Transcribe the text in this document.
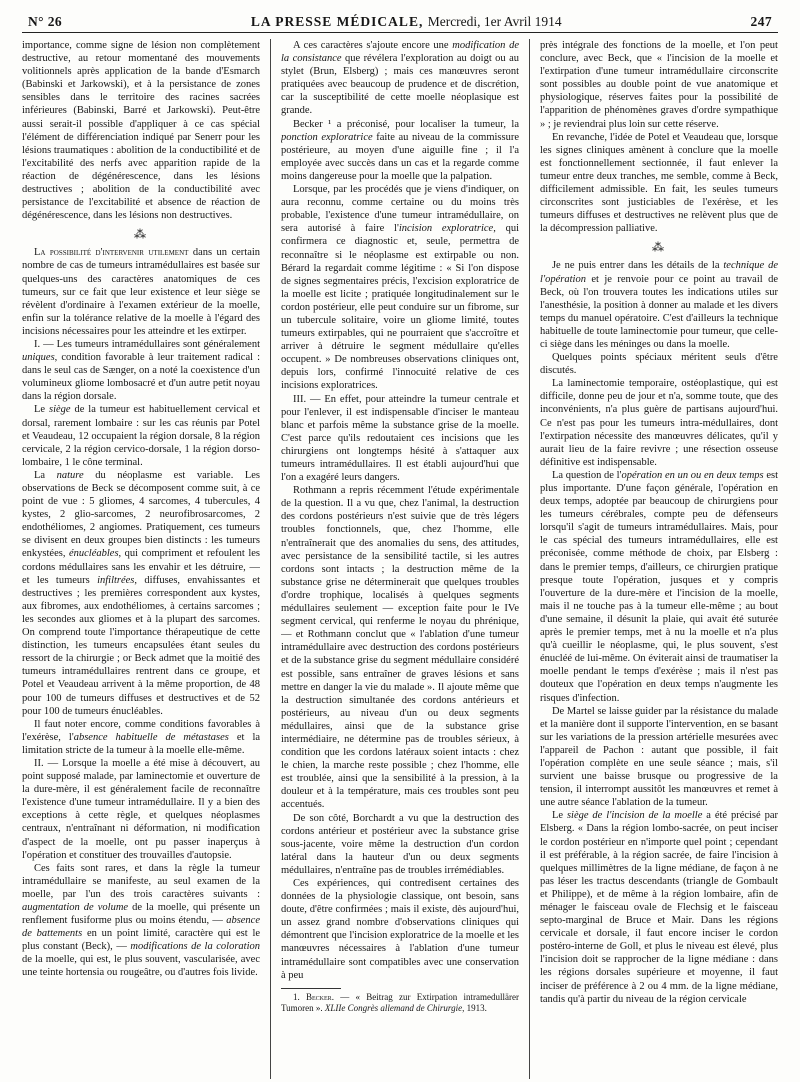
N° 26	LA PRESSE MÉDICALE, Mercredi, 1er Avril 1914	247

importance, comme signe de lésion non complètement destructive, au retour momentané des mouvements volitionnels après application de la bande d'Esmarch (Babinski et Jarkowski), et à la persistance de zones sensibles dans le territoire des racines sacrées inférieures (Babinski, Barré et Jarkowski). Peut-être aussi serait-il possible d'appliquer à ce cas spécial l'élément de différenciation indiqué par Senerr pour les lésions traumatiques : abolition de la conductibilité et de l'excitabilité des nerfs avec apparition rapide de la réaction de dégénérescence, dans les lésions destructives ; abolition de la conductibilité avec persistance de l'excitabilité et absence de réaction de dégénérescence, dans les lésions non destructives.

⁂

La possibilité d'intervenir utilement dans un certain nombre de cas de tumeurs intramédullaires est basée sur quelques-uns des caractères anatomiques de ces tumeurs, sur ce fait que leur existence et leur siège se révèlent d'ordinaire à l'examen extérieur de la moelle, enfin sur la tolérance relative de la moelle à l'égard des incisions nécessaires pour les atteindre et les extirper.

I. — Les tumeurs intramédullaires sont généralement uniques, condition favorable à leur traitement radical : dans le seul cas de Sænger, on a noté la coexistence d'un volumineux gliome lombosacré et d'un autre petit noyau dans la région dorsale.

Le siège de la tumeur est habituellement cervical et dorsal, rarement lombaire : sur les cas réunis par Potel et Veaudeau, 12 occupaient la région dorsale, 8 la région cervicale, 2 la région cervico-dorsale, 1 la région dorso-lombaire, 1 le cône terminal.

La nature du néoplasme est variable. Les observations de Beck se décomposent comme suit, à ce point de vue : 5 gliomes, 4 sarcomes, 4 tubercules, 4 kystes, 2 glio-sarcomes, 2 neurofibrosarcomes, 2 endothéliomes, 2 angiomes. Pratiquement, ces tumeurs se divisent en deux groupes bien distincts : les tumeurs enkystées, énucléables, qui compriment et refoulent les cordons médullaires sans les envahir et les détruire, — et les tumeurs infiltrées, diffuses, envahissantes et destructives ; les premières correspondent aux kystes, aux fibromes, aux endothéliomes, à certains sarcomes ; les secondes aux gliomes et à la plupart des sarcomes. On comprend toute l'importance thérapeutique de cette distinction, les tumeurs encapsulées étant seules du ressort de la chirurgie ; or Beck admet que la moitié des tumeurs intramédullaires rentrent dans ce groupe, et Potel et Veaudeau arrivent à la même proportion, de 48 pour 100 de tumeurs diffuses et destructives et de 52 pour 100 de tumeurs énucléables.

Il faut noter encore, comme conditions favorables à l'exérèse, l'absence habituelle de métastases et la limitation stricte de la tumeur à la moelle elle-même.

II. — Lorsque la moelle a été mise à découvert, au point supposé malade, par laminectomie et ouverture de la dure-mère, il est généralement facile de reconnaître l'existence d'une tumeur intramédullaire. Il y a bien des exceptions à cette règle, et quelques néoplasmes centraux, n'entraînant ni déformation, ni modification d'aspect de la moelle, ont pu passer inaperçus à l'opération et constituer des trouvailles d'autopsie.

Ces faits sont rares, et dans la règle la tumeur intramédullaire se manifeste, au seul examen de la moelle, par l'un des trois caractères suivants : augmentation de volume de la moelle, qui présente un renflement fusiforme plus ou moins étendu, — absence de battements en un point limité, caractère qui est le plus constant (Beck), — modifications de la coloration de la moelle, qui est, le plus souvent, vascularisée, avec une teinte hortensia ou rougeâtre, ou d'autres fois livide.

A ces caractères s'ajoute encore une modification de la consistance que révélera l'exploration au doigt ou au stylet (Brun, Elsberg) ; mais ces manœuvres seront pratiquées avec beaucoup de prudence et de discrétion, car la susceptibilité de cette moelle néoplasique est grande.

Becker ¹ a préconisé, pour localiser la tumeur, la ponction exploratrice faite au niveau de la commissure postérieure, au moyen d'une aiguille fine ; il l'a employée avec succès dans un cas et la regarde comme moins dangereuse pour la moelle que la palpation.

Lorsque, par les procédés que je viens d'indiquer, on aura reconnu, comme certaine ou du moins très probable, l'existence d'une tumeur intramédullaire, on sera autorisé à faire l'incision exploratrice, qui confirmera ce diagnostic et, seule, permettra de reconnaître si le néoplasme est extirpable ou non. Bérard la regardait comme légitime : « Si l'on dispose de signes segmentaires précis, l'excision exploratrice de la moelle est licite ; pratiquée longitudinalement sur le cordon postérieur, elle peut conduire sur un fibrome, sur un tubercule solitaire, voire un gliome limité, toutes tumeurs extirpables, qui ne pourraient que s'accroître et arriver à détruire le segment médullaire qu'elles occupent. » De nombreuses observations cliniques ont, depuis lors, confirmé l'innocuité relative de ces incisions exploratrices.

III. — En effet, pour atteindre la tumeur centrale et pour l'enlever, il est indispensable d'inciser le manteau blanc et parfois même la substance grise de la moelle. C'est parce qu'ils redoutaient ces incisions que les chirurgiens ont longtemps hésité à s'attaquer aux tumeurs intramédullaires. Il est établi aujourd'hui que l'on a exagéré leurs dangers.

Rothmann a repris récemment l'étude expérimentale de la question. Il a vu que, chez l'animal, la destruction des cordons postérieurs n'est suivie que de très légers troubles fonctionnels, que, chez l'homme, elle n'entraînerait que des anomalies du sens, des attitudes, avec persistance de la sensibilité tactile, si les autres cordons sont intacts ; la destruction même de la substance grise ne déterminerait que quelques troubles d'ordre trophique, localisés à quelques segments médullaires seulement — exception faite pour le IVe segment cervical, qui renferme le noyau du phrénique, — et Rothmann conclut que « l'ablation d'une tumeur intramédullaire avec destruction des cordons postérieurs et de la substance grise du segment médullaire considéré est possible, sans entraîner de graves lésions et sans mettre en danger la vie du malade ». Il ajoute même que la destruction simultanée des cordons antérieurs et postérieurs, au niveau d'un ou deux segments médullaires, ainsi que de la substance grise intermédiaire, ne détermine pas de troubles sérieux, à condition que les cordons latéraux soient intacts : chez le chien, la marche reste possible ; chez l'homme, elle est troublée, ainsi que la sensibilité à la pression, à la douleur et à la température, mais ces troubles sont peu accentués.

De son côté, Borchardt a vu que la destruction des cordons antérieur et postérieur avec la substance grise sous-jacente, voire même la destruction d'un cordon latéral dans la hauteur d'un ou deux segments médullaires, n'entraîne pas de troubles irrémédiables.

Ces expériences, qui contredisent certaines des données de la physiologie classique, ont besoin, sans doute, d'être confirmées ; mais il existe, dès aujourd'hui, un assez grand nombre d'observations cliniques qui démontrent que l'incision exploratrice de la moelle et les manœuvres nécessaires à l'ablation d'une tumeur intramédullaire sont compatibles avec une conservation à peu

1. Becker. — « Beitrag zur Extirpation intramedullärer Tumoren ». XLIIe Congrès allemand de Chirurgie, 1913.

près intégrale des fonctions de la moelle, et l'on peut conclure, avec Beck, que « l'incision de la moelle et l'extirpation d'une tumeur intramédullaire circonscrite sont possibles au double point de vue anatomique et physiologique, réserves faites pour la possibilité de l'apparition de phénomènes graves d'ordre sympathique » ; je reviendrai plus loin sur cette réserve.

En revanche, l'idée de Potel et Veaudeau que, lorsque les signes cliniques amènent à conclure que la moelle est fonctionnellement sectionnée, il faut enlever la tumeur entre deux tranches, me semble, comme à Beck, difficilement admissible. En fait, les seules tumeurs circonscrites sont justiciables de l'exérèse, et les tumeurs diffuses et destructives ne relèvent plus que de la décompression palliative.

⁂

Je ne puis entrer dans les détails de la technique de l'opération et je renvoie pour ce point au travail de Beck, où l'on trouvera toutes les indications utiles sur l'anesthésie, la position à donner au malade et les divers temps du manuel opératoire. C'est d'ailleurs la technique habituelle de toute laminectomie pour tumeur, que celle-ci siège dans les méninges ou dans la moelle.

Quelques points spéciaux méritent seuls d'être discutés.

La laminectomie temporaire, ostéoplastique, qui est difficile, donne peu de jour et n'a, somme toute, que des inconvénients, n'a plus guère de partisans aujourd'hui. Ce n'est pas pour les tumeurs intra-médullaires, dont l'extirpation nécessite des manœuvres délicates, qu'il y aurait lieu de la faire revivre ; une résection osseuse définitive est indispensable.

La question de l'opération en un ou en deux temps est plus importante. D'une façon générale, l'opération en deux temps, adoptée par beaucoup de chirurgiens pour les tumeurs cérébrales, compte peu de défenseurs lorsqu'il s'agit de tumeurs intramédullaires. Mais, pour le cas spécial des tumeurs intramédullaires, elle est préconisée, comme méthode de choix, par Elsberg : dans le premier temps, d'ailleurs, ce chirurgien pratique presque toute l'opération, jusques et y compris l'ouverture de la dure-mère et l'incision de la moelle, mais il ne touche pas à la tumeur elle-même ; au bout d'une semaine, il désunit la plaie, qui avait été suturée après le premier temps, met à nu la moelle et n'a plus qu'à cueillir le néoplasme, qui, le plus souvent, s'est énucléé de lui-même. On éviterait ainsi de traumatiser la moelle pendant le temps d'exérèse ; mais il n'est pas douteux que l'opération en deux temps n'augmente les risques d'infection.

De Martel se laisse guider par la résistance du malade et la manière dont il supporte l'intervention, en se basant sur les variations de la pression artérielle mesurées avec l'appareil de Pachon : autant que possible, il fait l'opération complète en une seule séance ; mais, s'il survient une baisse brusque ou progressive de la tension, il interrompt aussitôt les manœuvres et remet à une autre séance l'ablation de la tumeur.

Le siège de l'incision de la moelle a été précisé par Elsberg. « Dans la région lombo-sacrée, on peut inciser le cordon postérieur en n'importe quel point ; cependant il est préférable, à la région sacrée, de faire l'incision à quelques millimètres de la ligne médiane, de façon à ne pas léser les tractus descendants (triangle de Gombault et Philippe), et de même à la région lombaire, afin de ménager le faisceau ovale de Flechsig et le faisceau septo-marginal de Bruce et Mair. Dans les régions cervicale et dorsale, il faut encore inciser le cordon postéro-interne de Goll, et plus le niveau est élevé, plus l'incision doit se rapprocher de la ligne médiane : dans les régions dorsales supérieure et moyenne, il faut inciser de préférence à 2 ou 4 mm. de la ligne médiane, tandis qu'à partir du niveau de la région cervicale
